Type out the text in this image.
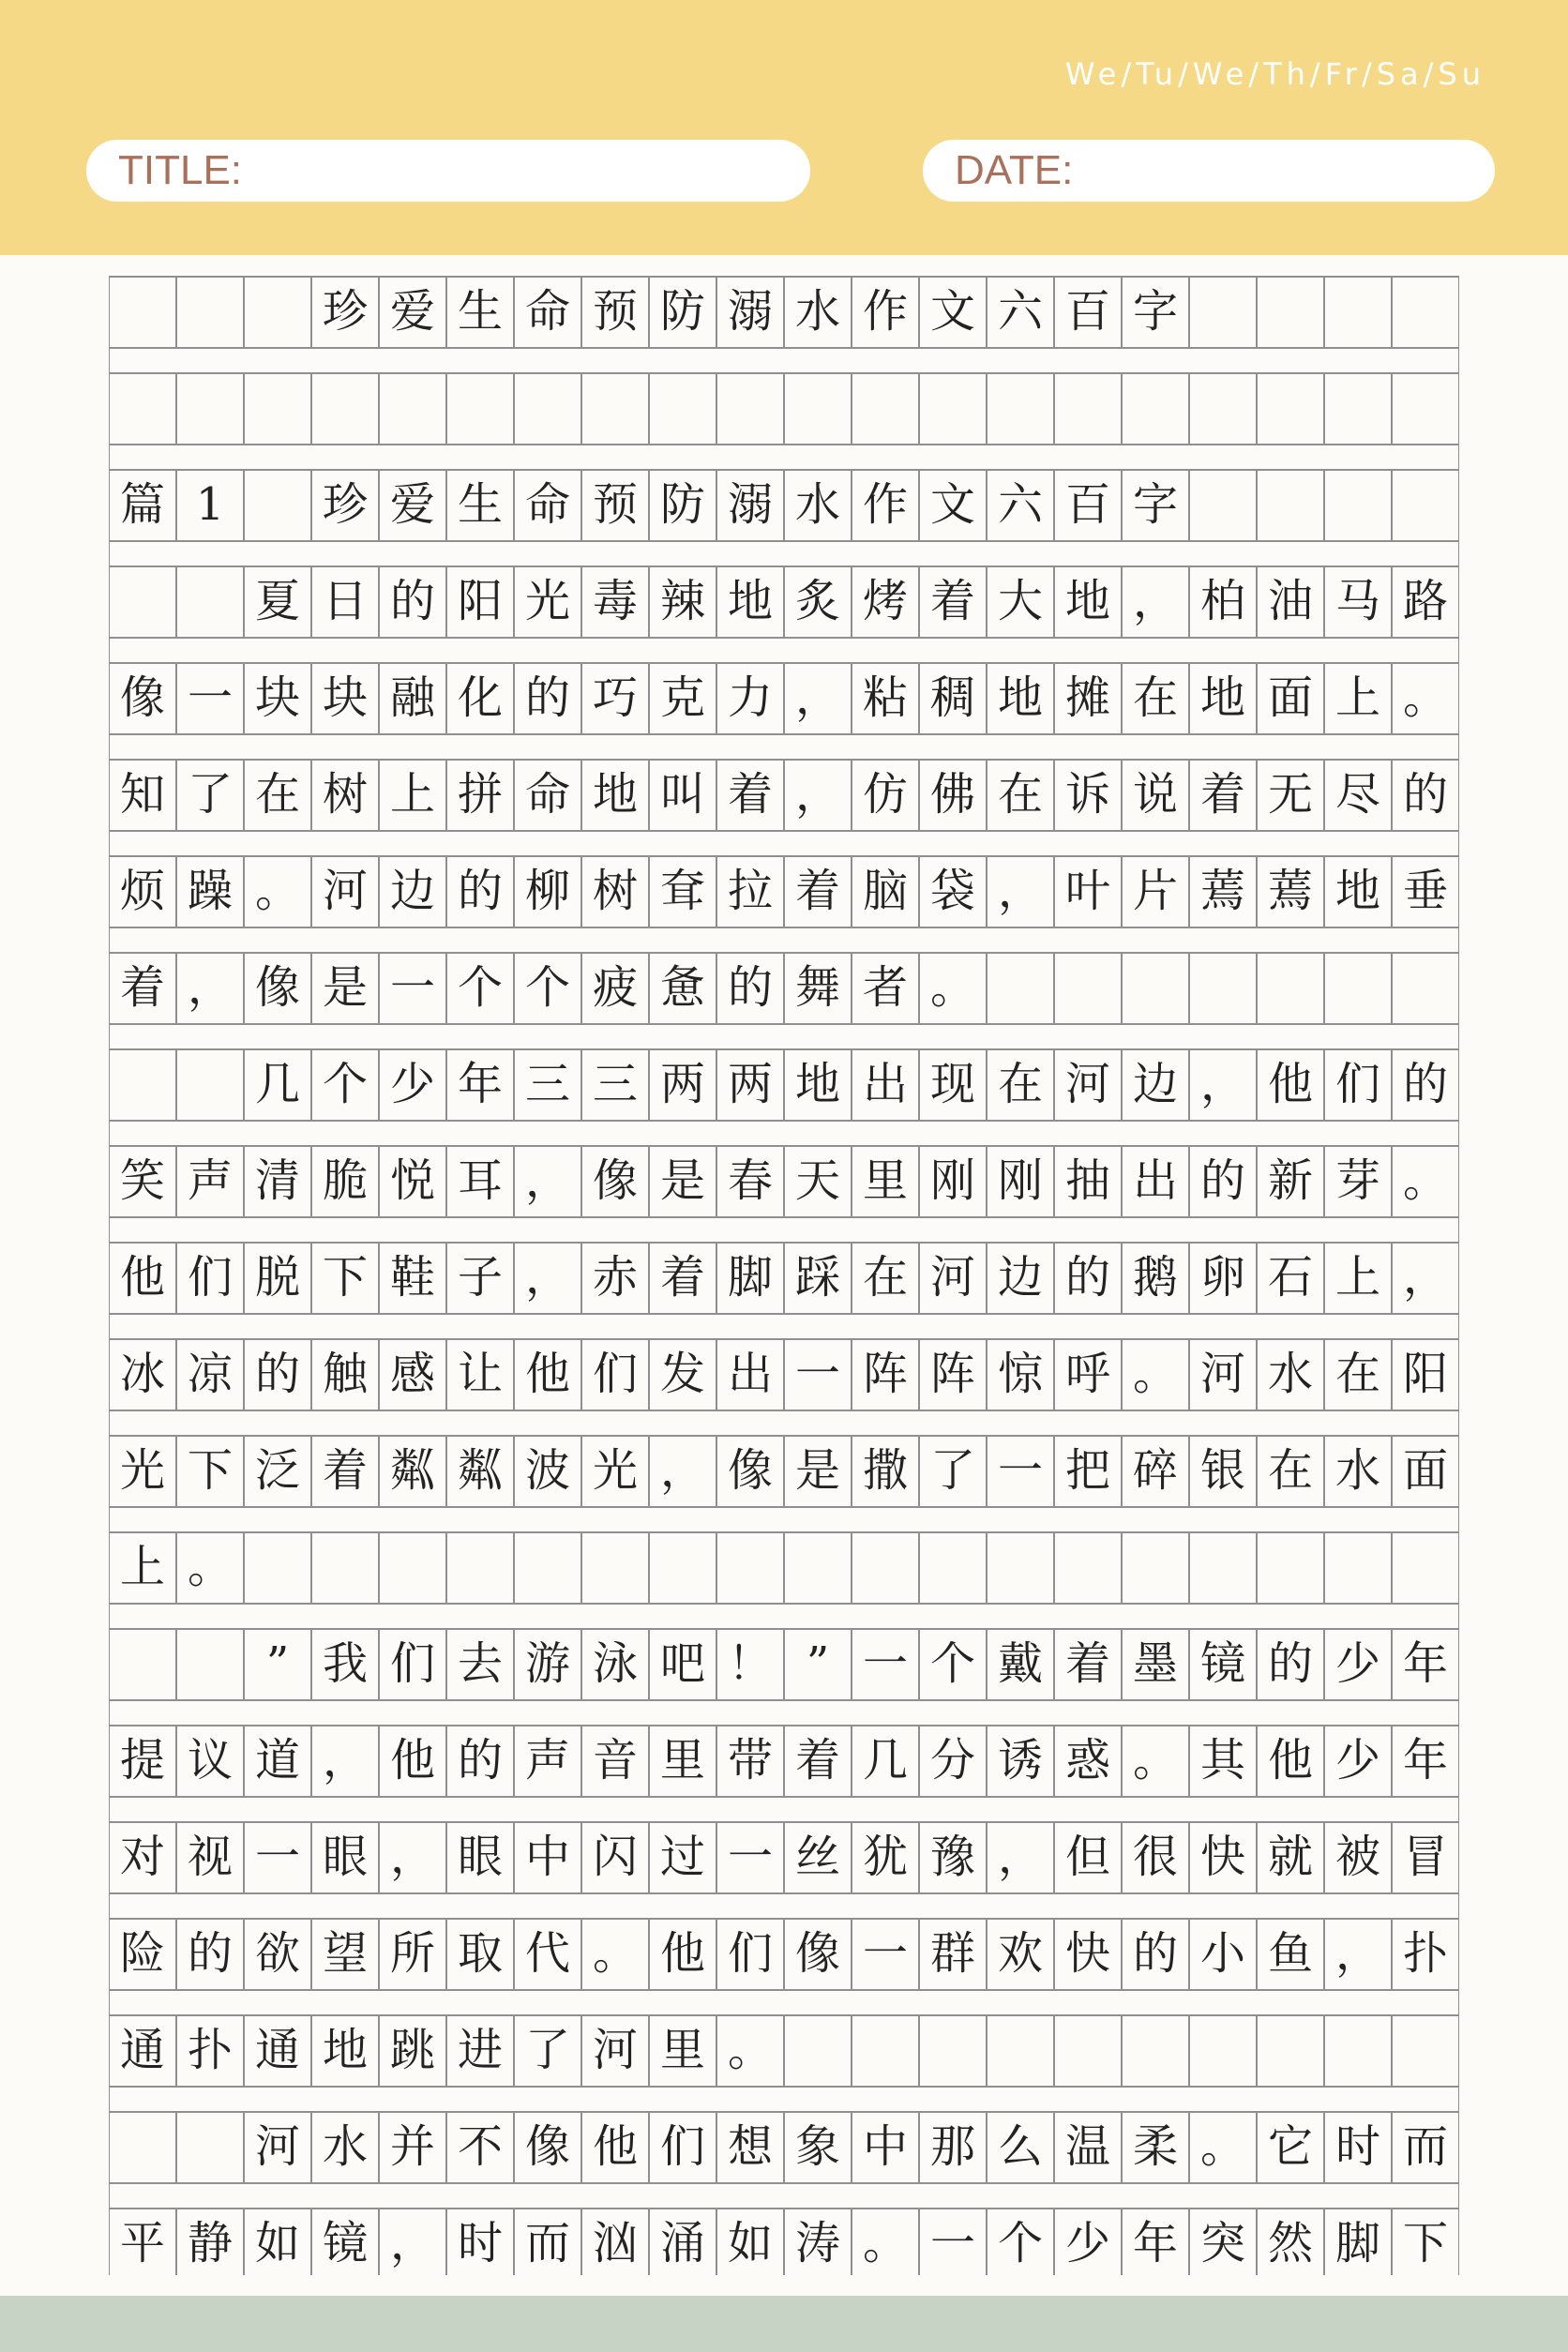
We/Tu/We/Th/Fr/Sa/Su
TITLE:	DATE:
珍 爱 生 命 预 防 溺 水 作 文 六 百 字
篇 1	珍 爱 生 命 预 防 溺 水 作 文 六 百 字
夏 日 的 阳 光 毒 辣 地 炙 烤 着 大 地 ， 柏 油 马 路
像 一 块 块 融 化 的 巧 克 力 ， 粘 稠 地 摊 在 地 面 上 。
知 了 在 树 上 拼 命 地 叫 着 ， 仿 佛 在 诉 说 着 无 尽 的
烦 躁 。 河 边 的 柳 树 耷 拉 着 脑 袋 ， 叶 片 蔫 蔫 地 垂
着 ， 像 是 一 个 个 疲 惫 的 舞 者 。
几 个 少 年 三 三 两 两 地 出 现 在 河 边 ， 他 们 的
笑 声 清 脆 悦 耳 ， 像 是 春 天 里 刚 刚 抽 出 的 新 芽 。
他 们 脱 下 鞋 子 ， 赤 着 脚 踩 在 河 边 的 鹅 卵 石 上 ，
冰 凉 的 触 感 让 他 们 发 出 一 阵 阵 惊 呼 。 河 水 在 阳
光 下 泛 着 粼 粼 波 光 ， 像 是 撒 了 一 把 碎 银 在 水 面
上 。
” 我 们 去 游 泳 吧 ！ ” 一 个 戴 着 墨 镜 的 少 年
提 议 道 ， 他 的 声 音 里 带 着 几 分 诱 惑 。 其 他 少 年
对 视 一 眼 ， 眼 中 闪 过 一 丝 犹 豫 ， 但 很 快 就 被 冒
险 的 欲 望 所 取 代 。 他 们 像 一 群 欢 快 的 小 鱼 ， 扑
通 扑 通 地 跳 进 了 河 里 。
河 水 并 不 像 他 们 想 象 中 那 么 温 柔 。 它 时 而
平 静 如 镜 ， 时 而 汹 涌 如 涛 。 一 个 少 年 突 然 脚 下
